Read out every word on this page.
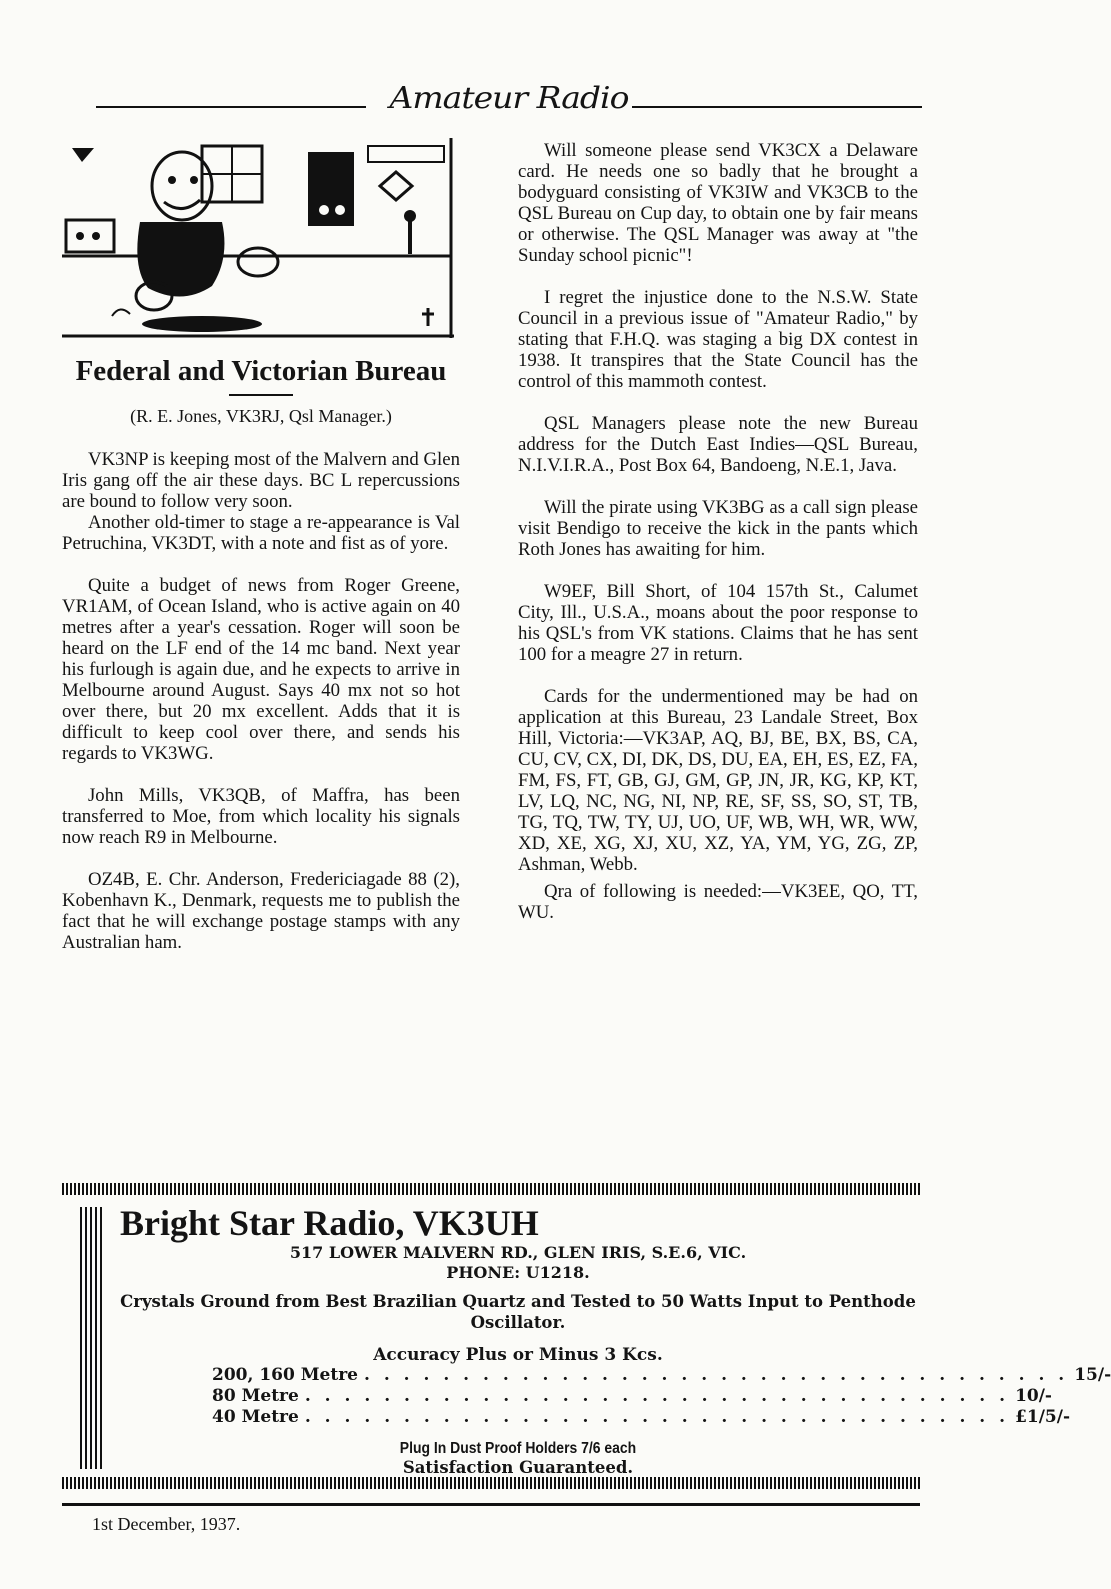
Amateur Radio
Federal and Victorian Bureau

(R. E. Jones, VK3RJ, Qsl Manager.)

VK3NP is keeping most of the Malvern and Glen Iris gang off the air these days. BC L repercussions are bound to follow very soon.

Another old-timer to stage a re-appearance is Val Petruchina, VK3DT, with a note and fist as of yore.

Quite a budget of news from Roger Greene, VR1AM, of Ocean Island, who is active again on 40 metres after a year's cessation. Roger will soon be heard on the LF end of the 14 mc band. Next year his furlough is again due, and he expects to arrive in Melbourne around August. Says 40 mx not so hot over there, but 20 mx excellent. Adds that it is difficult to keep cool over there, and sends his regards to VK3WG.

John Mills, VK3QB, of Maffra, has been transferred to Moe, from which locality his signals now reach R9 in Melbourne.

OZ4B, E. Chr. Anderson, Fredericiagade 88 (2), Kobenhavn K., Denmark, requests me to publish the fact that he will exchange postage stamps with any Australian ham.

Will someone please send VK3CX a Delaware card. He needs one so badly that he brought a bodyguard consisting of VK3IW and VK3CB to the QSL Bureau on Cup day, to obtain one by fair means or otherwise. The QSL Manager was away at "the Sunday school picnic"!

I regret the injustice done to the N.S.W. State Council in a previous issue of "Amateur Radio," by stating that F.H.Q. was staging a big DX contest in 1938. It transpires that the State Council has the control of this mammoth contest.

QSL Managers please note the new Bureau address for the Dutch East Indies—QSL Bureau, N.I.V.I.R.A., Post Box 64, Bandoeng, N.E.1, Java.

Will the pirate using VK3BG as a call sign please visit Bendigo to receive the kick in the pants which Roth Jones has awaiting for him.

W9EF, Bill Short, of 104 157th St., Calumet City, Ill., U.S.A., moans about the poor response to his QSL's from VK stations. Claims that he has sent 100 for a meagre 27 in return.

Cards for the undermentioned may be had on application at this Bureau, 23 Landale Street, Box Hill, Victoria:—VK3AP, AQ, BJ, BE, BX, BS, CA, CU, CV, CX, DI, DK, DS, DU, EA, EH, ES, EZ, FA, FM, FS, FT, GB, GJ, GM, GP, JN, JR, KG, KP, KT, LV, LQ, NC, NG, NI, NP, RE, SF, SS, SO, ST, TB, TG, TQ, TW, TY, UJ, UO, UF, WB, WH, WR, WW, XD, XE, XG, XJ, XU, XZ, YA, YM, YG, ZG, ZP, Ashman, Webb.

Qra of following is needed:—VK3EE, QO, TT, WU.

Bright Star Radio, VK3UH
517 LOWER MALVERN RD., GLEN IRIS, S.E.6, VIC.
PHONE: U1218.
Crystals Ground from Best Brazilian Quartz and Tested to 50 Watts Input to Penthode Oscillator.
Accuracy Plus or Minus 3 Kcs.
200, 160 Metre . . . . . . . . . . . . . . . . . . . . . . . . . . . . . . . . . . . . 15/-
80 Metre . . . . . . . . . . . . . . . . . . . . . . . . . . . . . . . . . . . . 10/-
40 Metre . . . . . . . . . . . . . . . . . . . . . . . . . . . . . . . . . . . . £1/5/-
Plug In Dust Proof Holders 7/6 each
Satisfaction Guaranteed.
1st December, 1937.
